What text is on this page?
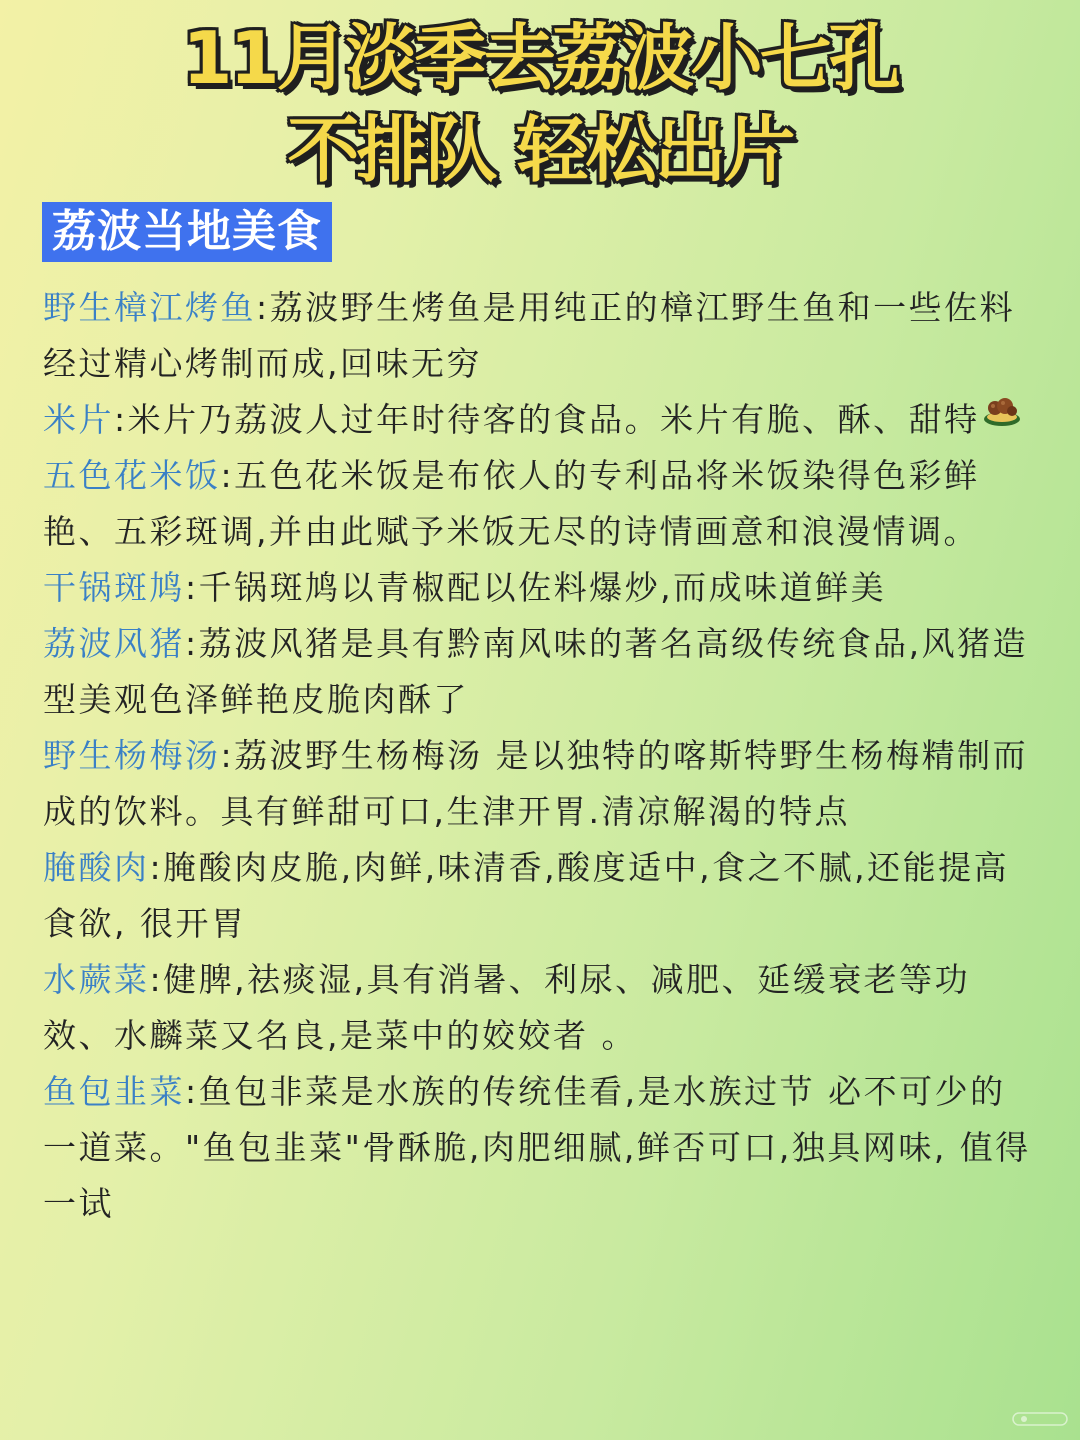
11月淡季去荔波小七孔
不排队 轻松出片
荔波当地美食
野生樟江烤鱼:荔波野生烤鱼是用纯正的樟江野生鱼和一些佐料经过精心烤制而成,回味无穷
米片:米片乃荔波人过年时待客的食品。米片有脆、酥、甜特
五色花米饭:五色花米饭是布依人的专利品将米饭染得色彩鲜艳、五彩斑调,并由此赋予米饭无尽的诗情画意和浪漫情调。
干锅斑鸠:千锅斑鸠以青椒配以佐料爆炒,而成味道鲜美
荔波风猪:荔波风猪是具有黔南风味的著名高级传统食品,风猪造型美观色泽鲜艳皮脆肉酥了
野生杨梅汤:荔波野生杨梅汤 是以独特的喀斯特野生杨梅精制而成的饮料。具有鲜甜可口,生津开胃.清凉解渴的特点
腌酸肉:腌酸肉皮脆,肉鲜,味清香,酸度适中,食之不腻,还能提高食欲, 很开胃
水蕨菜:健脾,祛痰湿,具有消暑、利尿、减肥、延缓衰老等功效、水麟菜又名良,是菜中的姣姣者 。
鱼包韭菜:鱼包非菜是水族的传统佳看,是水族过节 必不可少的一道菜。"鱼包韭菜"骨酥脆,肉肥细腻,鲜否可口,独具网味, 值得一试
